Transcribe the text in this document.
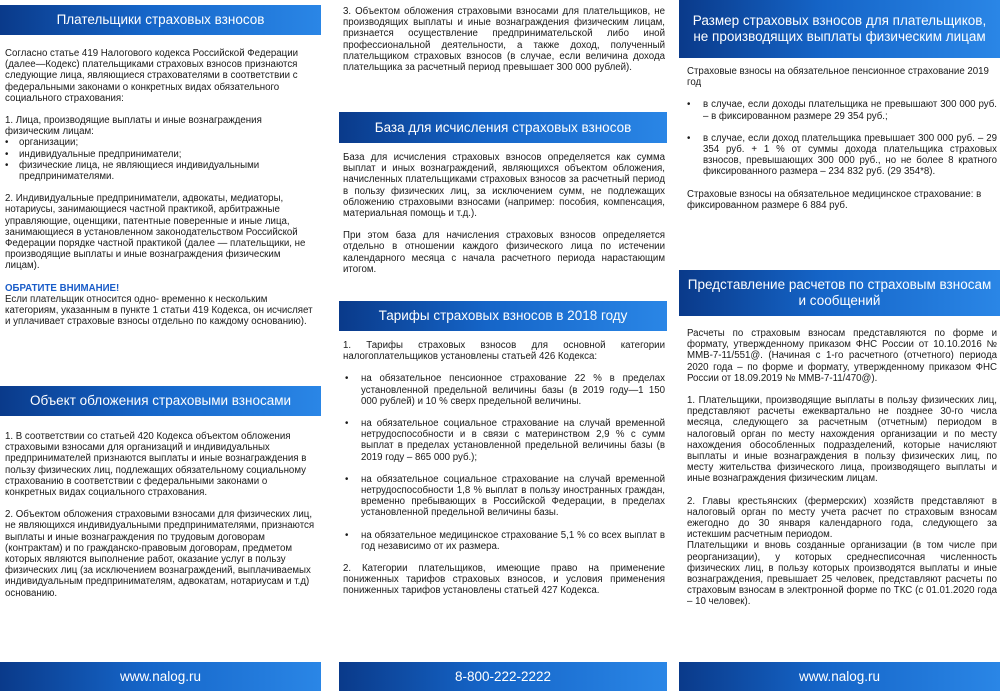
Плательщики страховых взносов

Согласно статье 419 Налогового кодекса Российской Федерации (далее—Кодекс) плательщиками страховых взносов признаются следующие лица, являющиеся страхователями в соответствии с федеральными законами о конкретных видах обязательного социального страхования:

1. Лица, производящие выплаты и иные вознаграждения физическим лицам:

• организации;
• индивидуальные предприниматели;
• физические лица, не являющиеся индивидуальными предпринимателями.

2. Индивидуальные предприниматели, адвокаты, медиаторы, нотариусы, занимающиеся частной практикой, арбитражные управляющие, оценщики, патентные поверенные и иные лица, занимающиеся в установленном законодательством Российской Федерации порядке частной практикой (далее — плательщики, не производящие выплаты и иные вознаграждения физическим лицам).

ОБРАТИТЕ ВНИМАНИЕ!

Если плательщик относится одно- временно к нескольким категориям, указанным в пункте 1 статьи 419 Кодекса, он исчисляет и уплачивает страховые взносы отдельно по каждому основанию).

Объект обложения страховыми взносами

1. В соответствии со статьей 420 Кодекса объектом обложения страховыми взносами для организаций и индивидуальных предпринимателей признаются выплаты и иные вознаграждения в пользу физических лиц, подлежащих обязательному социальному страхованию в соответствии с федеральными законами о конкретных видах социального страхования.

2. Объектом обложения страховыми взносами для физических лиц, не являющихся индивидуальными предпринимателями, признаются выплаты и иные вознаграждения по трудовым договорам (контрактам) и по гражданско-правовым договорам, предметом которых являются выполнение работ, оказание услуг в пользу физических лиц (за исключением вознаграждений, выплачиваемых индивидуальным предпринимателям, адвокатам, нотариусам и т.д) основанию.

www.nalog.ru
3. Объектом обложения страховыми взносами для плательщиков, не производящих выплаты и иные вознаграждения физическим лицам, признается осуществление предпринимательской либо иной профессиональной деятельности, а также доход, полученный плательщиком страховых взносов (в случае, если величина дохода плательщика за расчетный период превышает 300 000 рублей).
База для исчисления страховых взносов

База для исчисления страховых взносов определяется как сумма выплат и иных вознаграждений, являющихся объектом обложения, начисленных плательщиками страховых взносов за расчетный период в пользу физических лиц, за исключением сумм, не подлежащих обложению страховыми взносами (например: пособия, компенсация, материальная помощь и т.д.).

При этом база для начисления страховых взносов определяется отдельно в отношении каждого физического лица по истечении календарного месяца с начала расчетного периода нарастающим итогом.

Тарифы страховых взносов в 2018 году

1. Тарифы страховых взносов для основной категории налогоплательщиков установлены статьей 426 Кодекса:

• на обязательное пенсионное страхование 22 % в пределах установленной предельной величины базы (в 2019 году—1 150 000 рублей) и 10 % сверх предельной величины.
• на обязательное социальное страхование на случай временной нетрудоспособности и в связи с материнством 2,9 % с сумм выплат в пределах установленной предельной величины базы (в 2019 году – 865 000 руб.);
• на обязательное социальное страхование на случай временной нетрудоспособности 1,8 % выплат в пользу иностранных граждан, временно пребывающих в Российской Федерации, в пределах установленной предельной величины базы.
• на обязательное медицинское страхование 5,1 % со всех выплат в год независимо от их размера.

2. Категории плательщиков, имеющие право на применение пониженных тарифов страховых взносов, и условия применения пониженных тарифов установлены статьей 427 Кодекса.

8-800-222-2222
Размер страховых взносов для плательщиков, не производящих выплаты физическим лицам

Страховые взносы на обязательное пенсионное страхование 2019 год

• в случае, если доходы плательщика не превышают 300 000 руб. – в фиксированном размере 29 354 руб.;
• в случае, если доход плательщика превышает 300 000 руб. – 29 354 руб. + 1 % от суммы дохода плательщика страховых взносов, превышающих 300 000 руб., но не более 8 кратного фиксированного размера – 234 832 руб. (29 354*8).

Страховые взносы на обязательное медицинское страхование: в фиксированном размере 6 884 руб.

Представление расчетов по страховым взносам и сообщений

Расчеты по страховым взносам представляются по форме и формату, утвержденному приказом ФНС России от 10.10.2016 № ММВ-7-11/551@. (Начиная с 1-го расчетного (отчетного) периода 2020 года – по форме и формату, утвержденному приказом ФНС России от 18.09.2019 № ММВ-7-11/470@).

1. Плательщики, производящие выплаты в пользу физических лиц, представляют расчеты ежеквартально не позднее 30-го числа месяца, следующего за расчетным (отчетным) периодом в налоговый орган по месту нахождения организации и по месту нахождения обособленных подразделений, которые начисляют выплаты и иные вознаграждения в пользу физических лиц, по месту жительства физического лица, производящего выплаты и иные вознаграждения физическим лицам.

2. Главы крестьянских (фермерских) хозяйств представляют в налоговый орган по месту учета расчет по страховым взносам ежегодно до 30 января календарного года, следующего за истекшим расчетным периодом.

Плательщики и вновь созданные организации (в том числе при реорганизации), у которых среднесписочная численность физических лиц, в пользу которых производятся выплаты и иные вознаграждения, превышает 25 человек, представляют расчеты по страховым взносам в электронной форме по ТКС (с 01.01.2020 года – 10 человек).

www.nalog.ru
